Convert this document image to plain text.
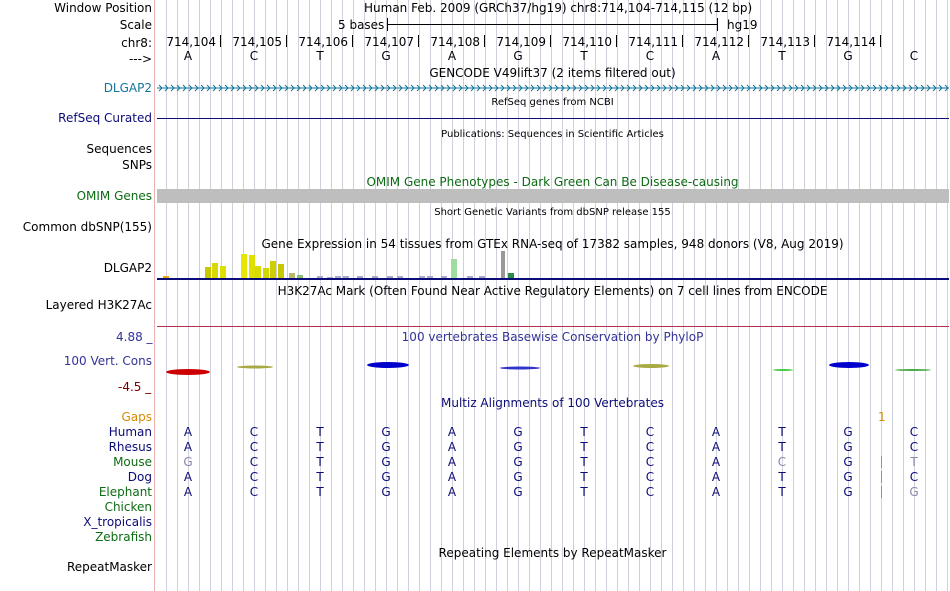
Window Position	Human Feb. 2009 (GRCh37/hg19) chr8:714,104-714,115 (12 bp)
Scale	5 bases	hg19
chr8: 714,104 714,105 714,106 714,107 714,108 714,109 714,110 714,111 714,112 714,113 714,114
--->	A	C	T	G	A	G	T	C	A	T	G	C
GENCODE V49lift37 (2 items filtered out)
DLGAP2
RefSeq genes from NCBI
RefSeq Curated
Publications: Sequences in Scientific Articles
Sequences
SNPs
OMIM Gene Phenotypes - Dark Green Can Be Disease-causing
OMIM Genes
Short Genetic Variants from dbSNP release 155
Common dbSNP(155)
Gene Expression in 54 tissues from GTEx RNA-seq of 17382 samples, 948 donors (V8, Aug 2019)
DLGAP2
H3K27Ac Mark (Often Found Near Active Regulatory Elements) on 7 cell lines from ENCODE
Layered H3K27Ac
100 vertebrates Basewise Conservation by PhyloP
4.88 _
100 Vert. Cons
-4.5 _
Multiz Alignments of 100 Vertebrates
Gaps	1
Human	A	C	T	G	A	G	T	C	A	T	G	C
Rhesus	A	C	T	G	A	G	T	C	A	T	G	C
Mouse	G	C	T	G	A	G	T	C	A	C	G	T
Dog	A	C	T	G	A	G	T	C	A	T	G	C
Elephant	A	C	T	G	A	G	T	C	A	T	G	G
Chicken
X_tropicalis
Zebrafish
Repeating Elements by RepeatMasker
RepeatMasker
